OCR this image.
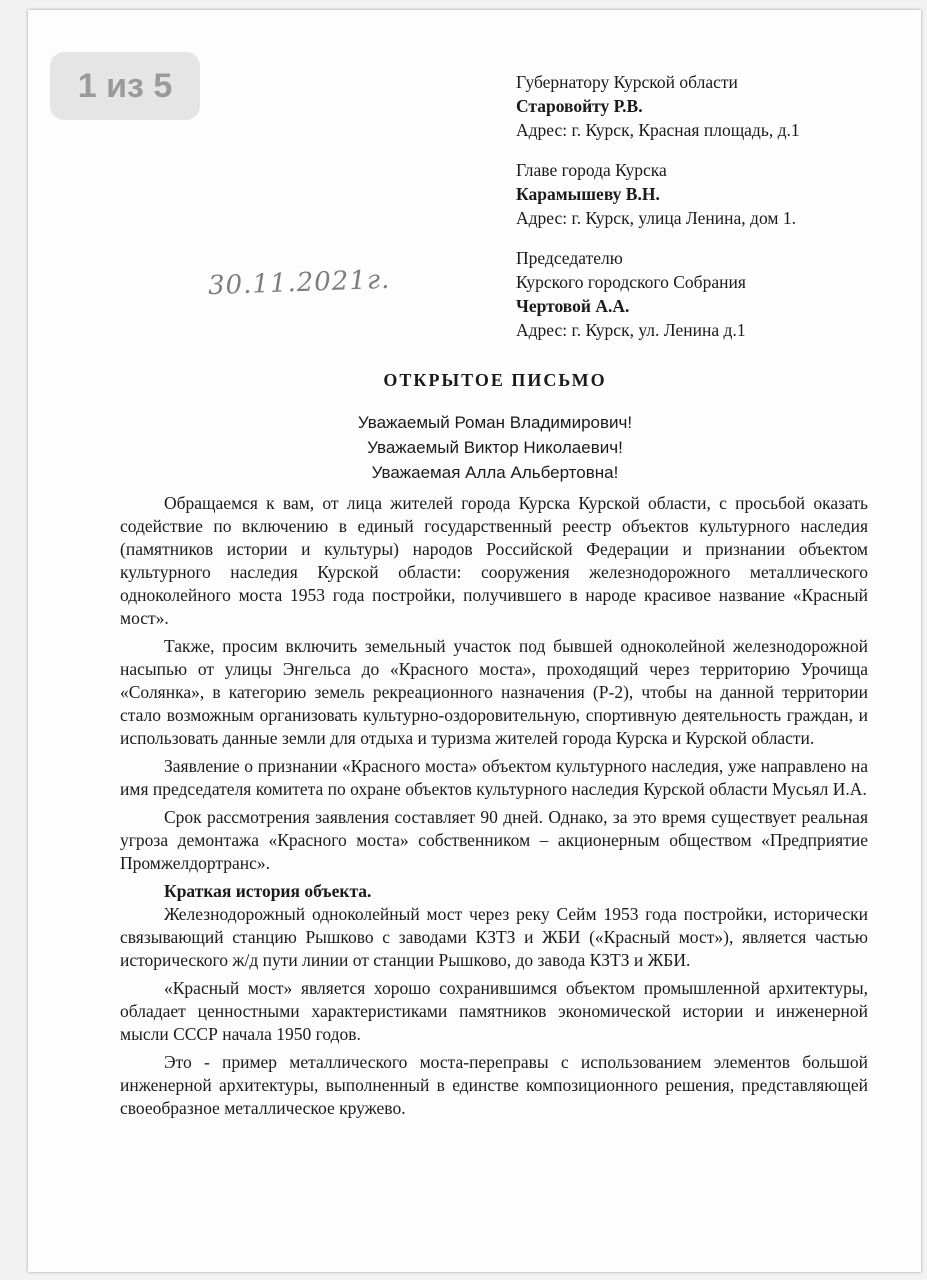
1 из 5	Губернатору Курской области
Старовойту Р.В.
Адрес: г. Курск, Красная площадь, д.1
Главе города Курска
Карамышеву В.Н.
Адрес: г. Курск, улица Ленина, дом 1.
Председателю
Курского городского Собрания
Чертовой А.А.
Адрес: г. Курск, ул. Ленина д.1
30.11.2021г.
ОТКРЫТОЕ ПИСЬМО
Уважаемый Роман Владимирович!
Уважаемый Виктор Николаевич!
Уважаемая Алла Альбертовна!

Обращаемся к вам, от лица жителей города Курска Курской области, с просьбой оказать содействие по включению в единый государственный реестр объектов культурного наследия (памятников истории и культуры) народов Российской Федерации и признании объектом культурного наследия Курской области: сооружения железнодорожного металлического одноколейного моста 1953 года постройки, получившего в народе красивое название «Красный мост».

Также, просим включить земельный участок под бывшей одноколейной железнодорожной насыпью от улицы Энгельса до «Красного моста», проходящий через территорию Урочища «Солянка», в категорию земель рекреационного назначения (Р-2), чтобы на данной территории стало возможным организовать культурно-оздоровительную, спортивную деятельность граждан, и использовать данные земли для отдыха и туризма жителей города Курска и Курской области.

Заявление о признании «Красного моста» объектом культурного наследия, уже направлено на имя председателя комитета по охране объектов культурного наследия Курской области Мусьял И.А.

Срок рассмотрения заявления составляет 90 дней. Однако, за это время существует реальная угроза демонтажа «Красного моста» собственником – акционерным обществом «Предприятие Промжелдортранс».

Краткая история объекта.

Железнодорожный одноколейный мост через реку Сейм 1953 года постройки, исторически связывающий станцию Рышково с заводами КЗТЗ и ЖБИ («Красный мост»), является частью исторического ж/д пути линии от станции Рышково, до завода КЗТЗ и ЖБИ.

«Красный мост» является хорошо сохранившимся объектом промышленной архитектуры, обладает ценностными характеристиками памятников экономической истории и инженерной мысли СССР начала 1950 годов.

Это - пример металлического моста-переправы с использованием элементов большой инженерной архитектуры, выполненный в единстве композиционного решения, представляющей своеобразное металлическое кружево.
